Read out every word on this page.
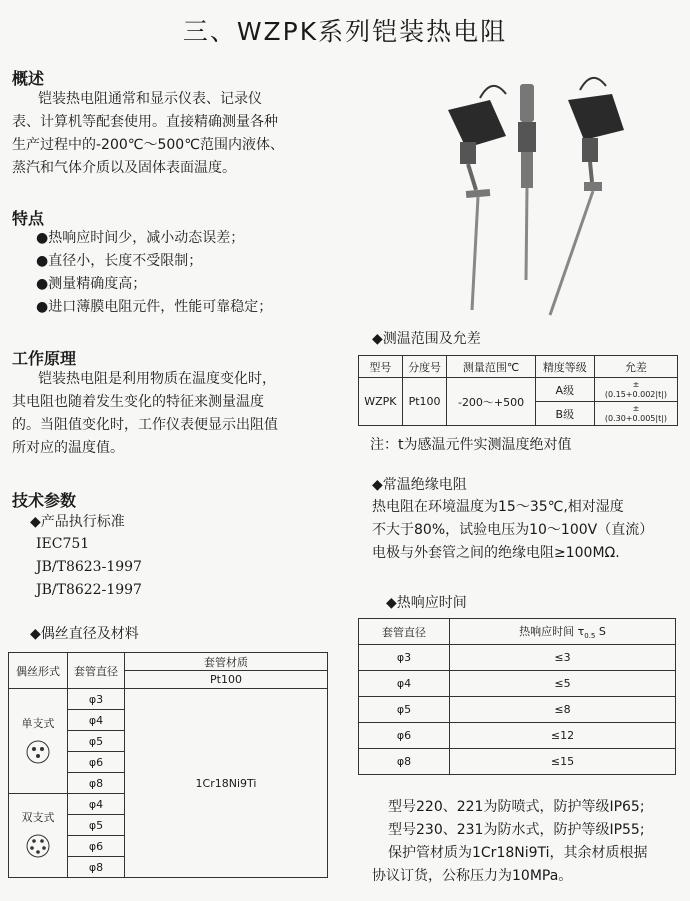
三、WZPK系列铠装热电阻
概述
铠装热电阻通常和显示仪表、记录仪
表、计算机等配套使用。直接精确测量各种
生产过程中的-200℃～500℃范围内液体、
蒸汽和气体介质以及固体表面温度。
特点
●热响应时间少，减小动态误差；
●直径小，长度不受限制；
●测量精确度高；
●进口薄膜电阻元件，性能可靠稳定；
工作原理
铠装热电阻是利用物质在温度变化时，
其电阻也随着发生变化的特征来测量温度
的。当阻值变化时，工作仪表便显示出阻值
所对应的温度值。
技术参数
◆产品执行标准
IEC751
JB/T8623-1997
JB/T8622-1997
◆偶丝直径及材料
偶丝形式	套管直径	套管材质
		Pt100

单支式	φ3	1Cr18Ni9Ti
	φ4	
	φ5	
	φ6	
	φ8	

双支式	φ4	
	φ5	
	φ6	
	φ8	
◆测温范围及允差
型号	分度号	测量范围℃	精度等级	允差
WZPK	Pt100	-200～+500	A级	±
(0.15+0.002|t|)

			B级	±
(0.30+0.005|t|)
注：t为感温元件实测温度绝对值
◆常温绝缘电阻
热电阻在环境温度为15～35℃,相对湿度
不大于80%，试验电压为10～100V（直流）
电极与外套管之间的绝缘电阻≥100MΩ.
◆热响应时间
套管直径	热响应时间 $\tau_{0.5}$ S
φ3	≤3
φ4	≤5
φ5	≤8
φ6	≤12
φ8	≤15
型号220、221为防喷式，防护等级IP65;
型号230、231为防水式，防护等级IP55;
保护管材质为1Cr18Ni9Ti，其余材质根据
协议订货，公称压力为10MPa。
